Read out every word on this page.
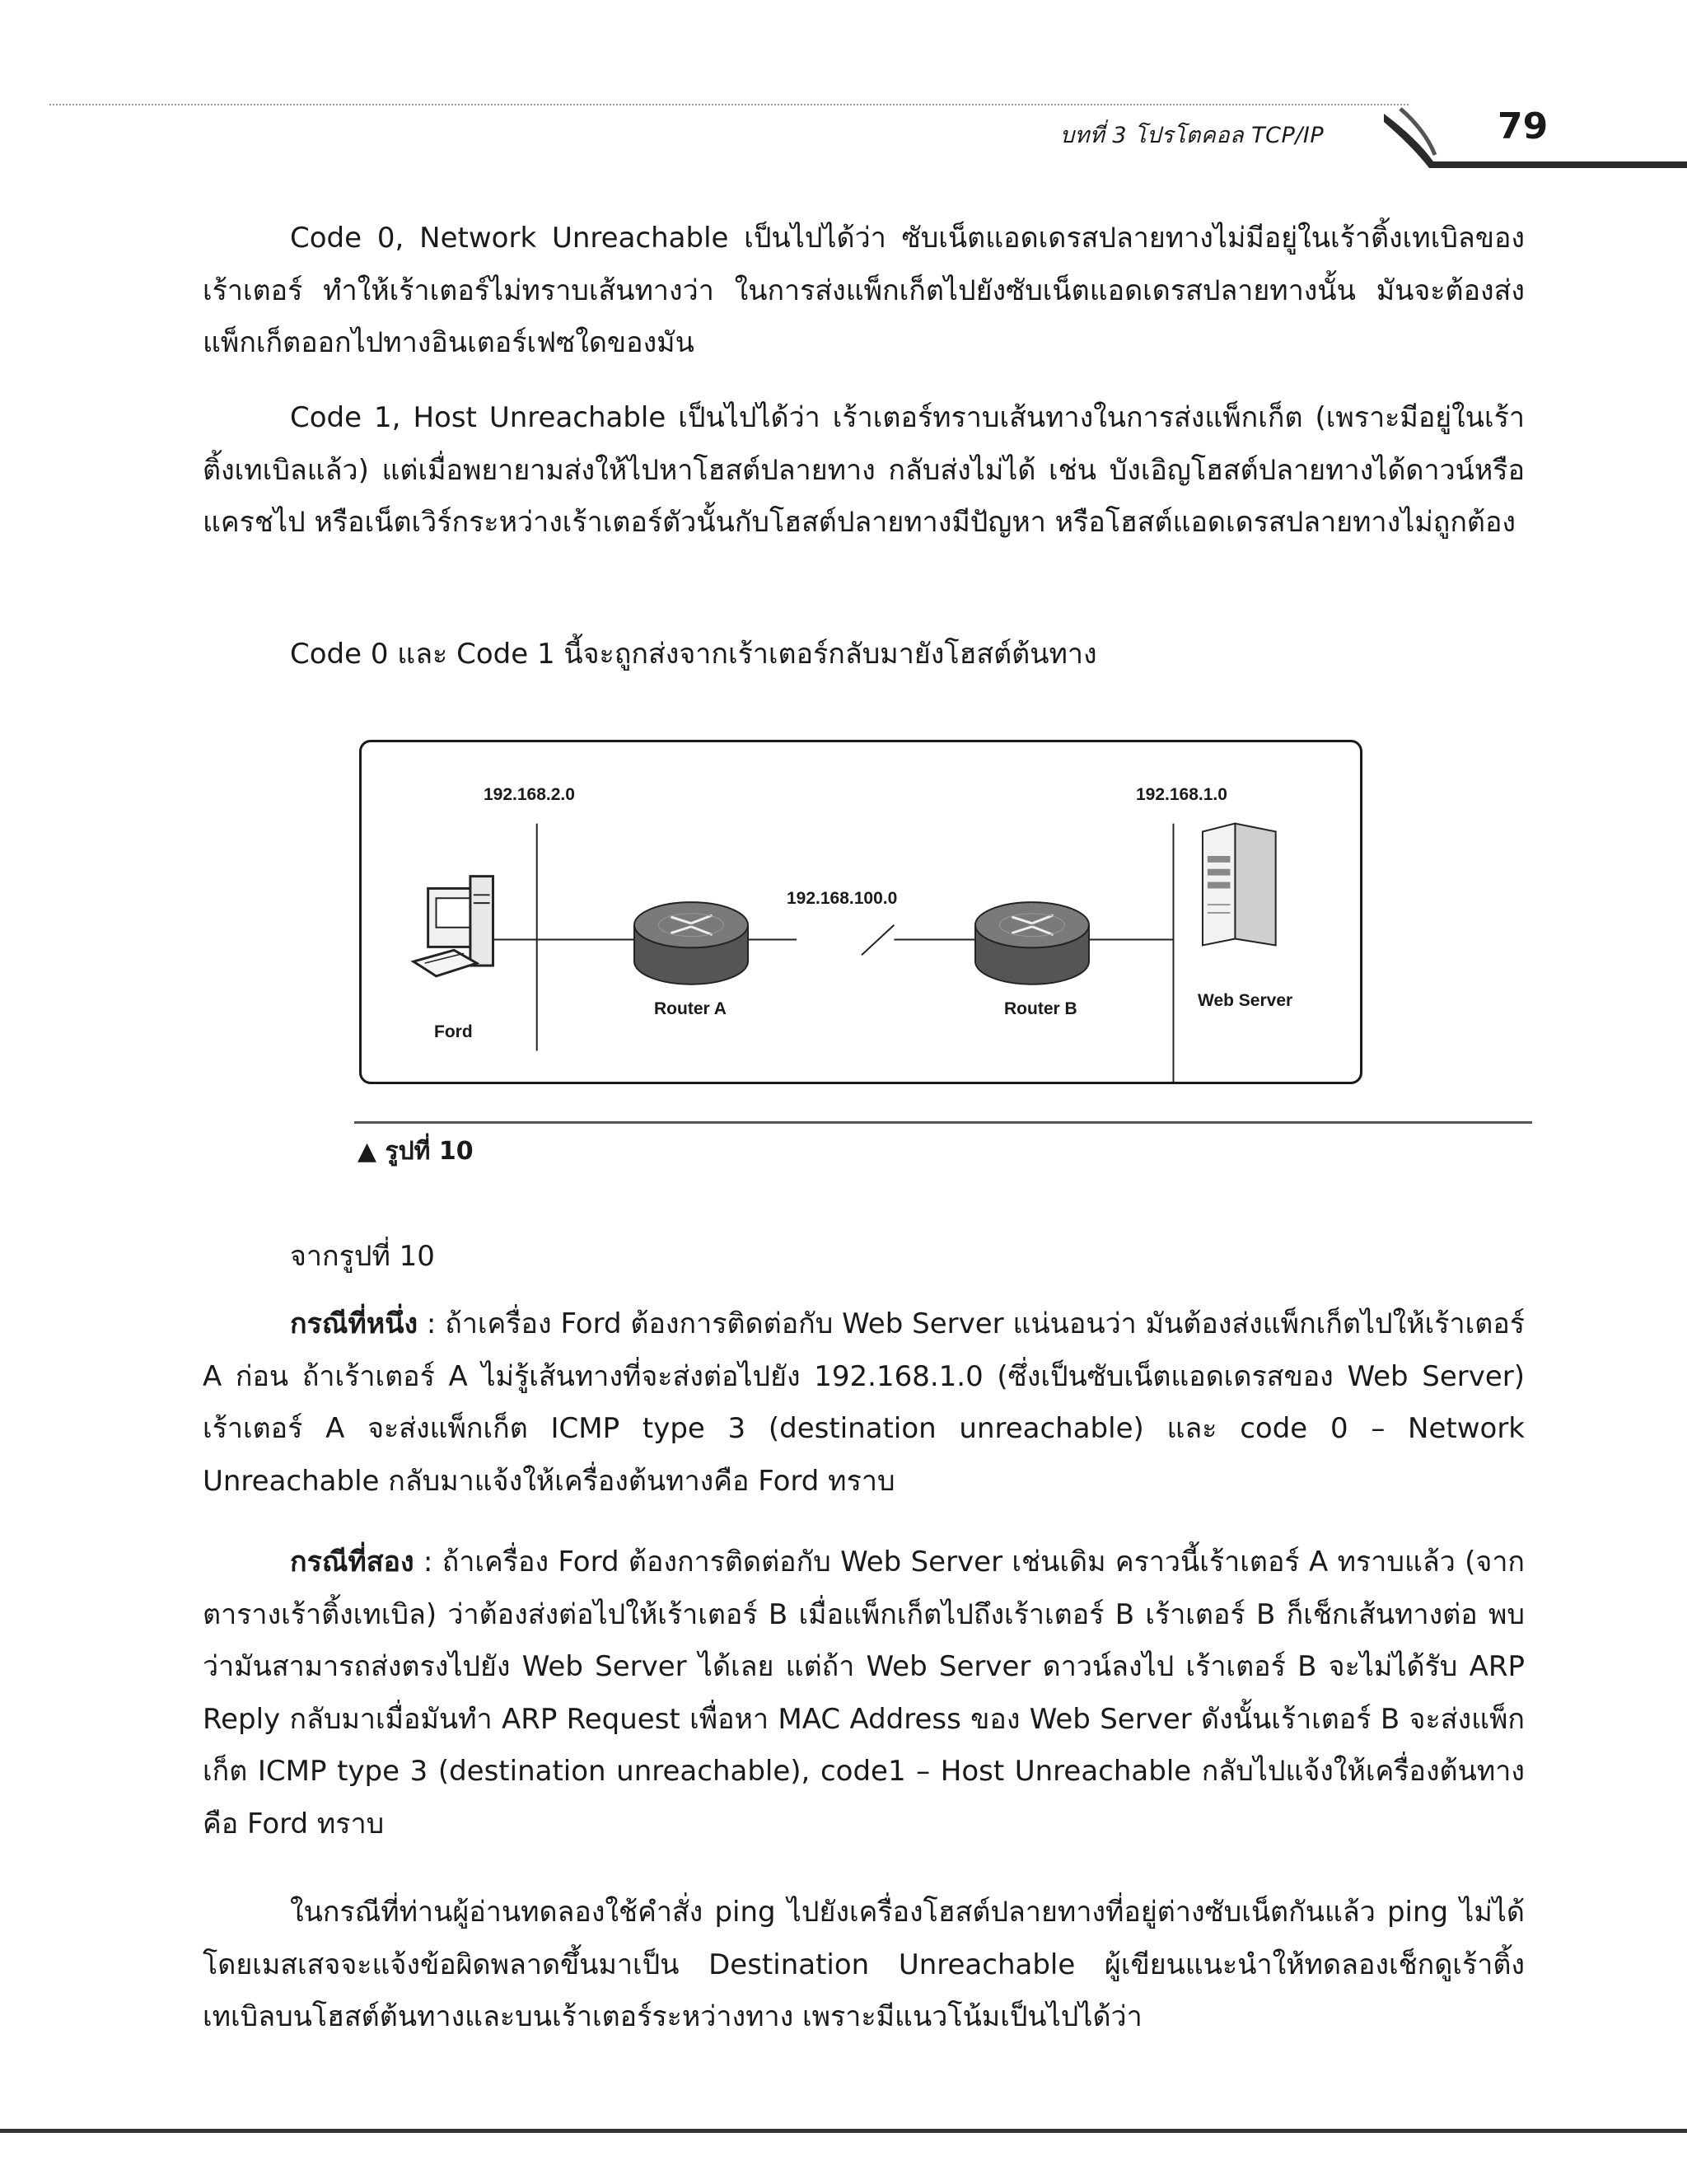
บทที่ 3 โปรโตคอล TCP/IP	79

Code 0, Network Unreachable เป็นไปได้ว่า ซับเน็ตแอดเดรสปลายทางไม่มีอยู่ในเร้าติ้งเทเบิลของเร้าเตอร์ ทำให้เร้าเตอร์ไม่ทราบเส้นทางว่า ในการส่งแพ็กเก็ตไปยังซับเน็ตแอดเดรสปลายทางนั้น มันจะต้องส่งแพ็กเก็ตออกไปทางอินเตอร์เฟซใดของมัน

Code 1, Host Unreachable เป็นไปได้ว่า เร้าเตอร์ทราบเส้นทางในการส่งแพ็กเก็ต (เพราะมีอยู่ในเร้าติ้งเทเบิลแล้ว) แต่เมื่อพยายามส่งให้ไปหาโฮสต์ปลายทาง กลับส่งไม่ได้ เช่น บังเอิญโฮสต์ปลายทางได้ดาวน์หรือแครชไป หรือเน็ตเวิร์กระหว่างเร้าเตอร์ตัวนั้นกับโฮสต์ปลายทางมีปัญหา หรือโฮสต์แอดเดรสปลายทางไม่ถูกต้อง

Code 0 และ Code 1 นี้จะถูกส่งจากเร้าเตอร์กลับมายังโฮสต์ต้นทาง

192.168.2.0	192.168.1.0
192.168.100.0
Ford
Router A	Router B	Web Server
▲ รูปที่ 10

จากรูปที่ 10

กรณีที่หนึ่ง : ถ้าเครื่อง Ford ต้องการติดต่อกับ Web Server แน่นอนว่า มันต้องส่งแพ็กเก็ตไปให้เร้าเตอร์ A ก่อน ถ้าเร้าเตอร์ A ไม่รู้เส้นทางที่จะส่งต่อไปยัง 192.168.1.0 (ซึ่งเป็นซับเน็ตแอดเดรสของ Web Server) เร้าเตอร์ A จะส่งแพ็กเก็ต ICMP type 3 (destination unreachable) และ code 0 – Network Unreachable กลับมาแจ้งให้เครื่องต้นทางคือ Ford ทราบ

กรณีที่สอง : ถ้าเครื่อง Ford ต้องการติดต่อกับ Web Server เช่นเดิม คราวนี้เร้าเตอร์ A ทราบแล้ว (จากตารางเร้าติ้งเทเบิล) ว่าต้องส่งต่อไปให้เร้าเตอร์ B เมื่อแพ็กเก็ตไปถึงเร้าเตอร์ B เร้าเตอร์ B ก็เช็กเส้นทางต่อ พบว่ามันสามารถส่งตรงไปยัง Web Server ได้เลย แต่ถ้า Web Server ดาวน์ลงไป เร้าเตอร์ B จะไม่ได้รับ ARP Reply กลับมาเมื่อมันทำ ARP Request เพื่อหา MAC Address ของ Web Server ดังนั้นเร้าเตอร์ B จะส่งแพ็กเก็ต ICMP type 3 (destination unreachable), code1 – Host Unreachable กลับไปแจ้งให้เครื่องต้นทางคือ Ford ทราบ

ในกรณีที่ท่านผู้อ่านทดลองใช้คำสั่ง ping ไปยังเครื่องโฮสต์ปลายทางที่อยู่ต่างซับเน็ตกันแล้ว ping ไม่ได้ โดยเมสเสจจะแจ้งข้อผิดพลาดขึ้นมาเป็น Destination Unreachable ผู้เขียนแนะนำให้ทดลองเช็กดูเร้าติ้งเทเบิลบนโฮสต์ต้นทางและบนเร้าเตอร์ระหว่างทาง เพราะมีแนวโน้มเป็นไปได้ว่า
